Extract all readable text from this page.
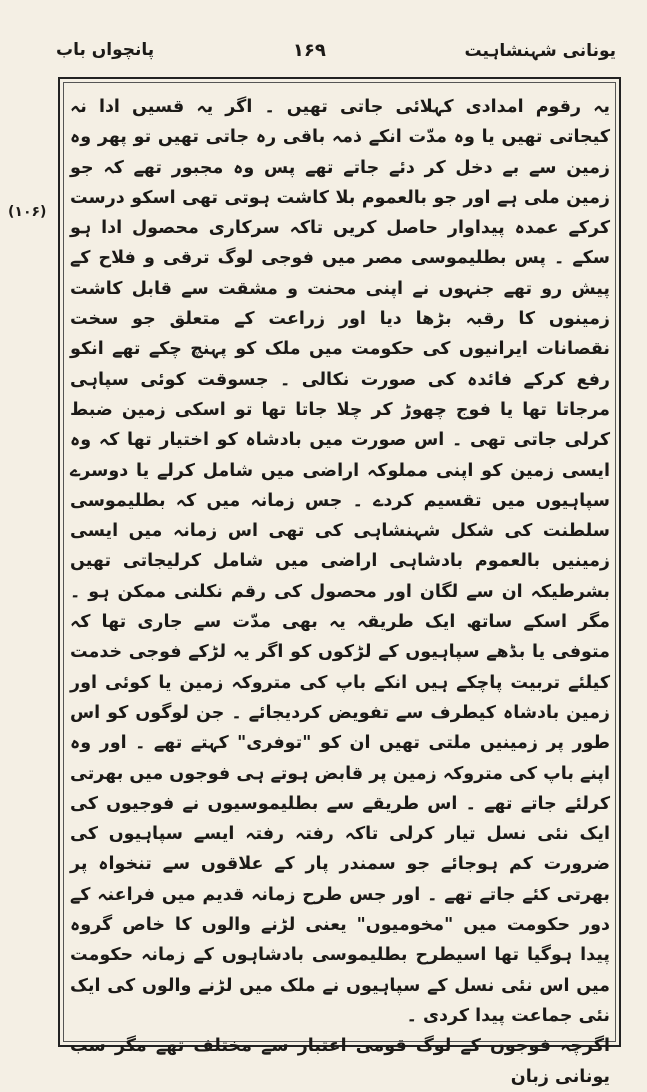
یونانی شہنشاہیت
۱۶۹
پانچواں باب
(۱۰۶)

یہ رقوم امدادی کہلائی جاتی تھیں ۔ اگر یہ قسیں ادا نہ کیجاتی تھیں یا وہ مدّت انکے ذمہ باقی رہ جاتی تھیں تو پھر وہ زمین سے بے دخل کر دئے جاتے تھے پس وہ مجبور تھے کہ جو زمین ملی ہے اور جو بالعموم بلا کاشت ہوتی تھی اسکو درست کرکے عمدہ پیداوار حاصل کریں تاکہ سرکاری محصول ادا ہو سکے ۔ پس بطلیموسی مصر میں فوجی لوگ ترقی و فلاح کے پیش رو تھے جنہوں نے اپنی محنت و مشقت سے قابل کاشت زمینوں کا رقبہ بڑھا دیا اور زراعت کے متعلق جو سخت نقصانات ایرانیوں کی حکومت میں ملک کو پہنچ چکے تھے انکو رفع کرکے فائدہ کی صورت نکالی ۔ جسوقت کوئی سپاہی مرجاتا تھا یا فوج چھوڑ کر چلا جاتا تھا تو اسکی زمین ضبط کرلی جاتی تھی ۔ اس صورت میں بادشاہ کو اختیار تھا کہ وہ ایسی زمین کو اپنی مملوکہ اراضی میں شامل کرلے یا دوسرے سپاہیوں میں تقسیم کردے ۔ جس زمانہ میں کہ بطلیموسی سلطنت کی شکل شہنشاہی کی تھی اس زمانہ میں ایسی زمینیں بالعموم بادشاہی اراضی میں شامل کرلیجاتی تھیں بشرطیکہ ان سے لگان اور محصول کی رقم نکلنی ممکن ہو ۔ مگر اسکے ساتھ ایک طریقہ یہ بھی مدّت سے جاری تھا کہ متوفی یا بڈھے سپاہیوں کے لڑکوں کو اگر یہ لڑکے فوجی خدمت کیلئے تربیت پاچکے ہیں انکے باپ کی متروکہ زمین یا کوئی اور زمین بادشاہ کیطرف سے تفویض کردیجائے ۔ جن لوگوں کو اس طور پر زمینیں ملتی تھیں ان کو "توفری" کہتے تھے ۔ اور وہ اپنے باپ کی متروکہ زمین پر قابض ہوتے ہی فوجوں میں بھرتی کرلئے جاتے تھے ۔ اس طریقے سے بطلیموسیوں نے فوجیوں کی ایک نئی نسل تیار کرلی تاکہ رفتہ رفتہ ایسے سپاہیوں کی ضرورت کم ہوجائے جو سمندر پار کے علاقوں سے تنخواہ پر بھرتی کئے جاتے تھے ۔ اور جس طرح زمانہ قدیم میں فراعنہ کے دور حکومت میں "مخومیوں" یعنی لڑنے والوں کا خاص گروہ پیدا ہوگیا تھا اسیطرح بطلیموسی بادشاہوں کے زمانہ حکومت میں اس نئی نسل کے سپاہیوں نے ملک میں لڑنے والوں کی ایک نئی جماعت پیدا کردی ۔

اگرچہ فوجوں کے لوگ قومی اعتبار سے مختلف تھے مگر سب یونانی زبان
